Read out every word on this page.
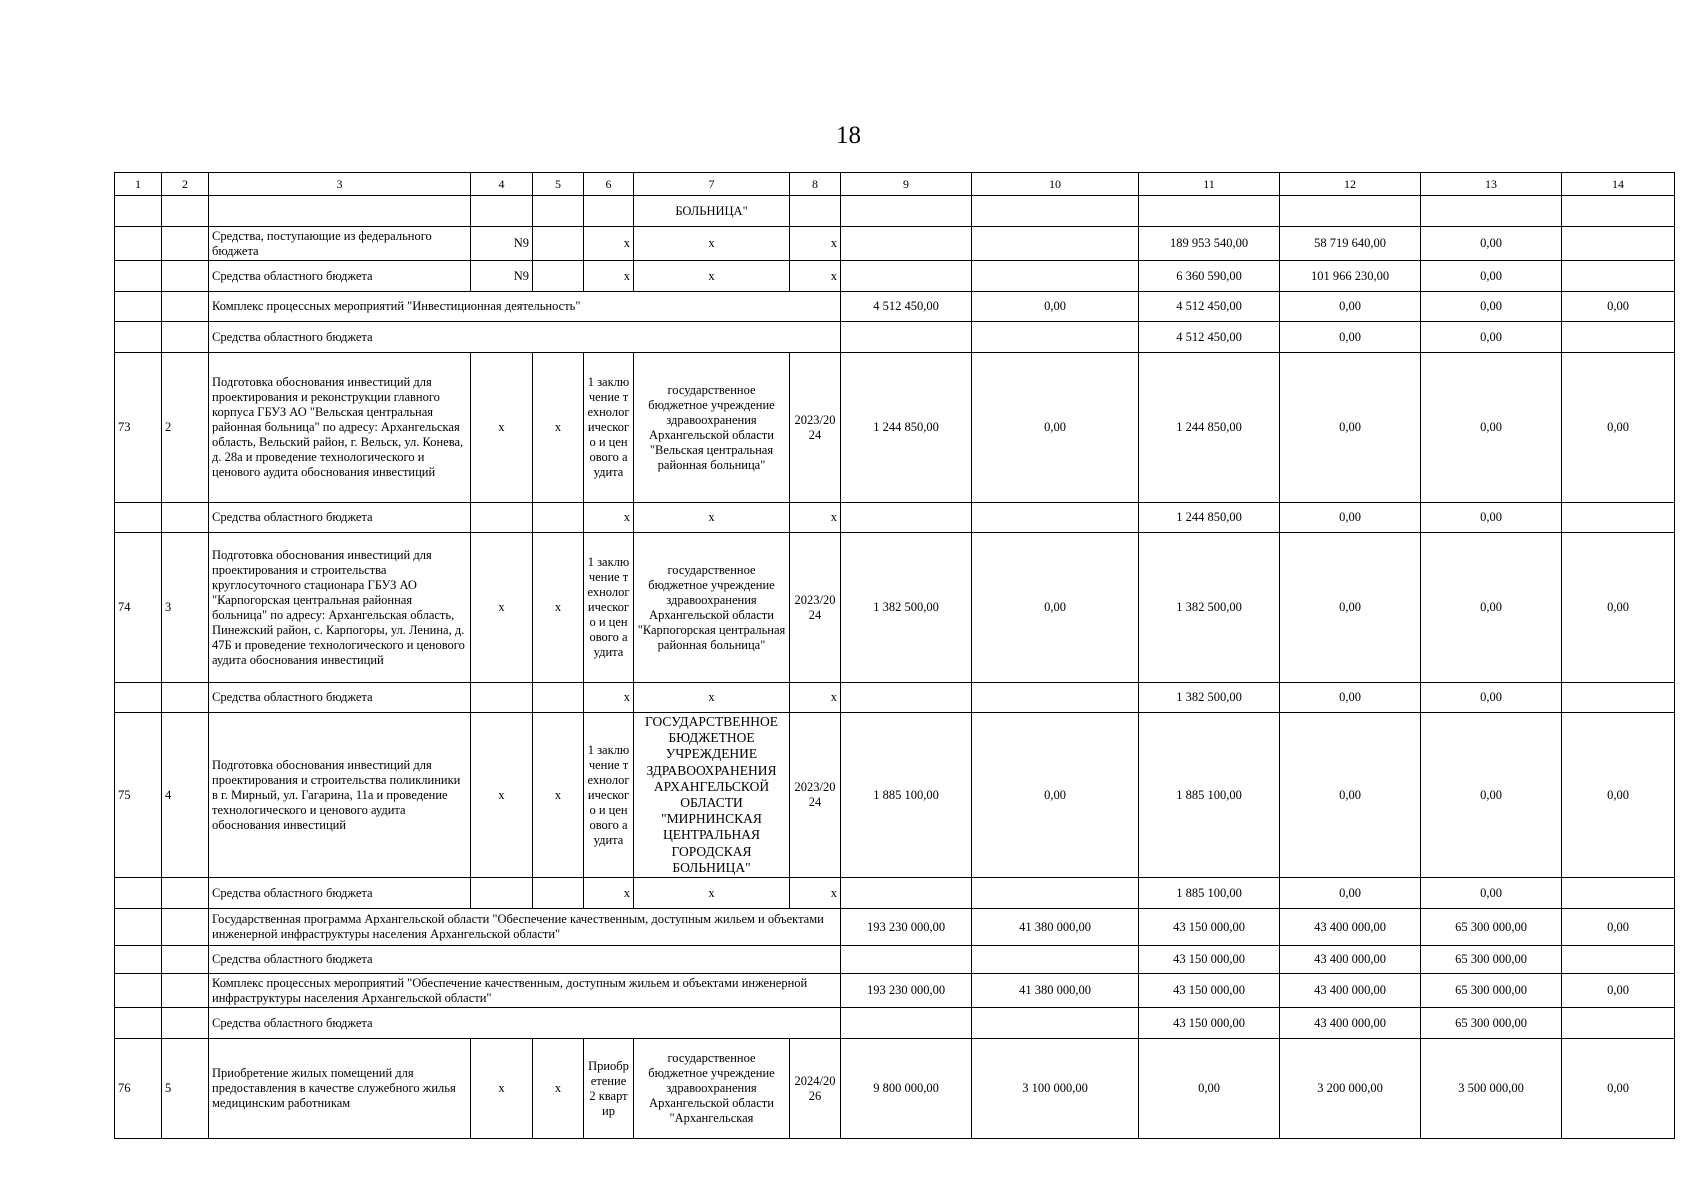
18
1	2	3	4	5	6	7	8	9	10	11	12	13	14
						БОЛЬНИЦА"							
		Средства, поступающие из федерального бюджета	N9		x	x	x			189 953 540,00	58 719 640,00	0,00	
		Средства областного бюджета	N9		x	x	x			6 360 590,00	101 966 230,00	0,00	
		Комплекс процессных мероприятий "Инвестиционная деятельность"						4 512 450,00	0,00	4 512 450,00	0,00	0,00	0,00
		Средства областного бюджета								4 512 450,00	0,00	0,00	
73	2	Подготовка обоснования инвестиций для проектирования и реконструкции главного корпуса ГБУЗ АО "Вельская центральная районная больница" по адресу: Архангельская область, Вельский район, г. Вельск, ул. Конева, д. 28а и проведение технологического и ценового аудита обоснования инвестиций	x	x	1 заключение технологического и ценового аудита	государственное бюджетное учреждение здравоохранения Архангельской области "Вельская центральная районная больница"	2023/2024	1 244 850,00	0,00	1 244 850,00	0,00	0,00	0,00
		Средства областного бюджета			x	x	x			1 244 850,00	0,00	0,00	
74	3	Подготовка обоснования инвестиций для проектирования и строительства круглосуточного стационара ГБУЗ АО "Карпогорская центральная районная больница" по адресу: Архангельская область, Пинежский район, с. Карпогоры, ул. Ленина, д. 47Б и проведение технологического и ценового аудита обоснования инвестиций	x	x	1 заключение технологического и ценового аудита	государственное бюджетное учреждение здравоохранения Архангельской области "Карпогорская центральная районная больница"	2023/2024	1 382 500,00	0,00	1 382 500,00	0,00	0,00	0,00
		Средства областного бюджета			x	x	x			1 382 500,00	0,00	0,00	
75	4	Подготовка обоснования инвестиций для проектирования и строительства поликлиники в г. Мирный, ул. Гагарина, 11а и проведение технологического и ценового аудита обоснования инвестиций	x	x	1 заключение технологического и ценового аудита	ГОСУДАРСТВЕННОЕ БЮДЖЕТНОЕ УЧРЕЖДЕНИЕ ЗДРАВООХРАНЕНИЯ АРХАНГЕЛЬСКОЙ ОБЛАСТИ "МИРНИНСКАЯ ЦЕНТРАЛЬНАЯ ГОРОДСКАЯ БОЛЬНИЦА"	2023/2024	1 885 100,00	0,00	1 885 100,00	0,00	0,00	0,00
		Средства областного бюджета			x	x	x			1 885 100,00	0,00	0,00	
		Государственная программа Архангельской области "Обеспечение качественным, доступным жильем и объектами инженерной инфраструктуры населения Архангельской области"						193 230 000,00	41 380 000,00	43 150 000,00	43 400 000,00	65 300 000,00	0,00
		Средства областного бюджета								43 150 000,00	43 400 000,00	65 300 000,00	
		Комплекс процессных мероприятий "Обеспечение качественным, доступным жильем и объектами инженерной инфраструктуры населения Архангельской области"						193 230 000,00	41 380 000,00	43 150 000,00	43 400 000,00	65 300 000,00	0,00
		Средства областного бюджета								43 150 000,00	43 400 000,00	65 300 000,00	
76	5	Приобретение жилых помещений для предоставления в качестве служебного жилья медицинским работникам	x	x	Приобретение 2 квартир	государственное бюджетное учреждение здравоохранения Архангельской области "Архангельская	2024/2026	9 800 000,00	3 100 000,00	0,00	3 200 000,00	3 500 000,00	0,00
